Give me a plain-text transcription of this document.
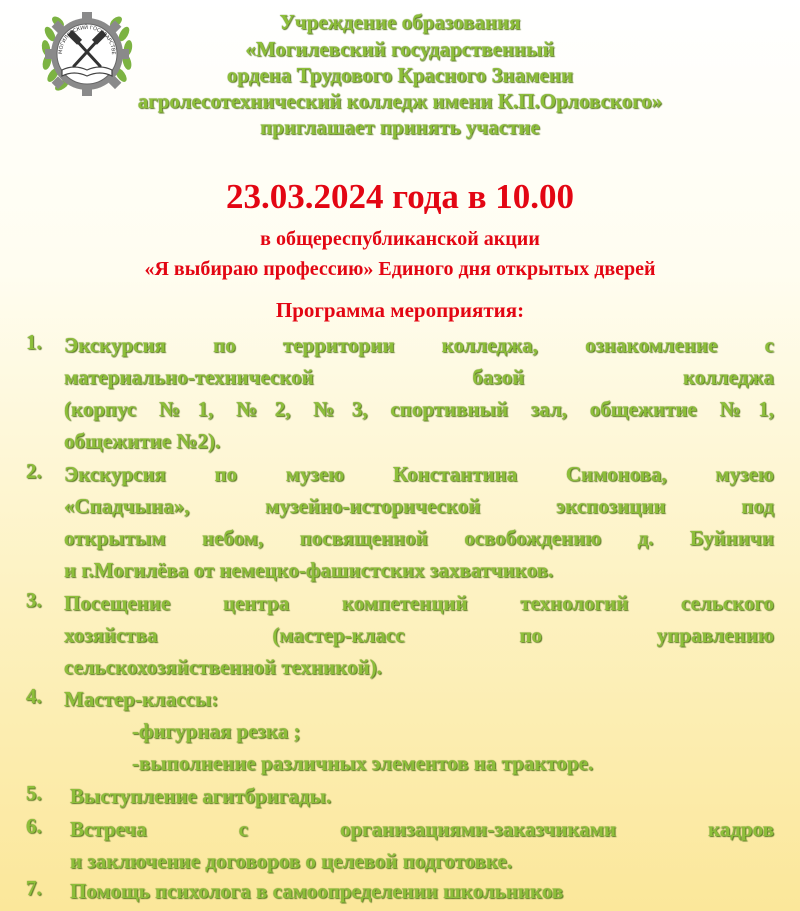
МОГИЛЕВСКИЙ ГОСУДАРСТВЕ
Учреждение образования
«Могилевский государственный
ордена Трудового Красного Знамени
агролесотехнический колледж имени К.П.Орловского»
приглашает принять участие
23.03.2024 года в 10.00
в общереспубликанской акции
«Я выбираю профессию» Единого дня открытых дверей
Программа мероприятия:
1.	Экскурсия по территории колледжа, ознакомление с
материально-технической базой колледжа
(корпус №1, №2, №3, спортивный зал, общежитие №1,
общежитие №2).
2.	Экскурсия по музею Константина Симонова, музею
«Спадчына», музейно-исторической экспозиции под
открытым небом, посвященной освобождению д. Буйничи
и г.Могилёва от немецко-фашистских захватчиков.
3.	Посещение центра компетенций технологий сельского
хозяйства (мастер-класс по управлению
сельскохозяйственной техникой).
4.	Мастер-классы:
-фигурная резка ;
-выполнение различных элементов на тракторе.
5.	Выступление агитбригады.
6.	Встреча с организациями-заказчиками кадров
и заключение договоров о целевой подготовке.
7.	Помощь психолога в самоопределении школьников
